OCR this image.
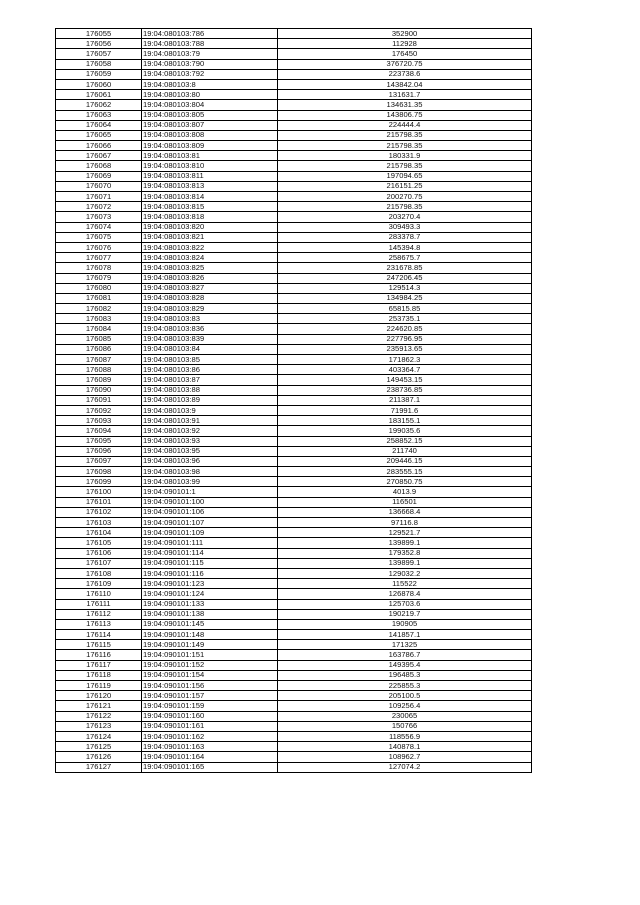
176055	19:04:080103:786	352900
176056	19:04:080103:788	112928
176057	19:04:080103:79	176450
176058	19:04:080103:790	376720.75
176059	19:04:080103:792	223738.6
176060	19:04:080103:8	143842.04
176061	19:04:080103:80	131631.7
176062	19:04:080103:804	134631.35
176063	19:04:080103:805	143806.75
176064	19:04:080103:807	224444.4
176065	19:04:080103:808	215798.35
176066	19:04:080103:809	215798.35
176067	19:04:080103:81	180331.9
176068	19:04:080103:810	215798.35
176069	19:04:080103:811	197094.65
176070	19:04:080103:813	216151.25
176071	19:04:080103:814	200270.75
176072	19:04:080103:815	215798.35
176073	19:04:080103:818	203270.4
176074	19:04:080103:820	309493.3
176075	19:04:080103:821	283378.7
176076	19:04:080103:822	145394.8
176077	19:04:080103:824	258675.7
176078	19:04:080103:825	231678.85
176079	19:04:080103:826	247206.45
176080	19:04:080103:827	129514.3
176081	19:04:080103:828	134984.25
176082	19:04:080103:829	65815.85
176083	19:04:080103:83	253735.1
176084	19:04:080103:836	224620.85
176085	19:04:080103:839	227796.95
176086	19:04:080103:84	235913.65
176087	19:04:080103:85	171862.3
176088	19:04:080103:86	403364.7
176089	19:04:080103:87	149453.15
176090	19:04:080103:88	238736.85
176091	19:04:080103:89	211387.1
176092	19:04:080103:9	71991.6
176093	19:04:080103:91	183155.1
176094	19:04:080103:92	199035.6
176095	19:04:080103:93	258852.15
176096	19:04:080103:95	211740
176097	19:04:080103:96	209446.15
176098	19:04:080103:98	283555.15
176099	19:04:080103:99	270850.75
176100	19:04:090101:1	4013.9
176101	19:04:090101:100	116501
176102	19:04:090101:106	136668.4
176103	19:04:090101:107	97116.8
176104	19:04:090101:109	129521.7
176105	19:04:090101:111	139899.1
176106	19:04:090101:114	179352.8
176107	19:04:090101:115	139899.1
176108	19:04:090101:116	129032.2
176109	19:04:090101:123	115522
176110	19:04:090101:124	126878.4
176111	19:04:090101:133	125703.6
176112	19:04:090101:138	190219.7
176113	19:04:090101:145	190905
176114	19:04:090101:148	141857.1
176115	19:04:090101:149	171325
176116	19:04:090101:151	163786.7
176117	19:04:090101:152	149395.4
176118	19:04:090101:154	196485.3
176119	19:04:090101:156	225855.3
176120	19:04:090101:157	205100.5
176121	19:04:090101:159	109256.4
176122	19:04:090101:160	230065
176123	19:04:090101:161	150766
176124	19:04:090101:162	118556.9
176125	19:04:090101:163	140878.1
176126	19:04:090101:164	108962.7
176127	19:04:090101:165	127074.2
